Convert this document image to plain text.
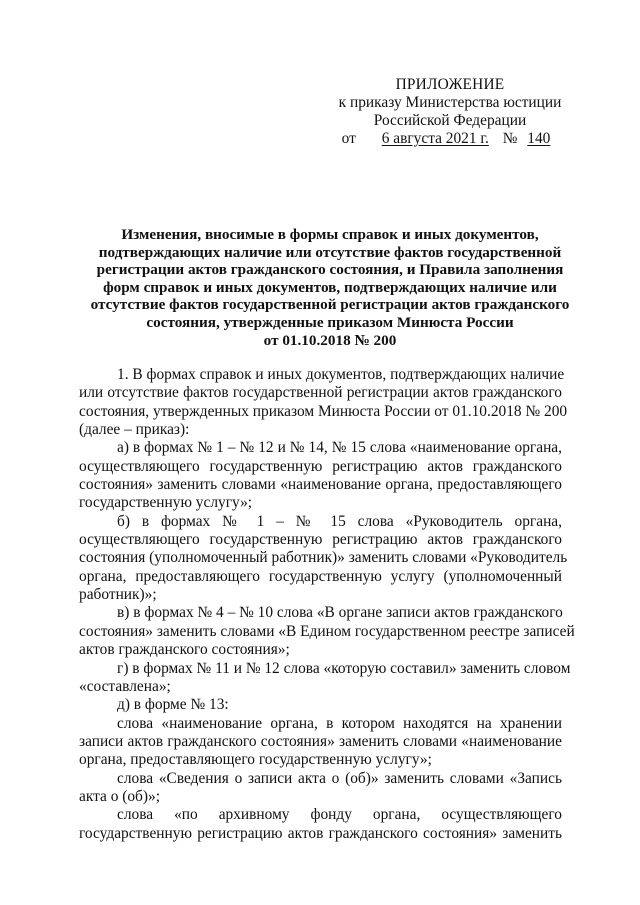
ПРИЛОЖЕНИЕ
к приказу Министерства юстиции
Российской Федерации
от 6 августа 2021 г. № 140
Изменения, вносимые в формы справок и иных документов,
подтверждающих наличие или отсутствие фактов государственной
регистрации актов гражданского состояния, и Правила заполнения
форм справок и иных документов, подтверждающих наличие или
отсутствие фактов государственной регистрации актов гражданского
состояния, утвержденные приказом Минюста России
от 01.10.2018 № 200
1. В формах справок и иных документов, подтверждающих наличие
или отсутствие фактов государственной регистрации актов гражданского
состояния, утвержденных приказом Минюста России от 01.10.2018 № 200
(далее – приказ):
а) в формах № 1 – № 12 и № 14, № 15 слова «наименование органа,
осуществляющего государственную регистрацию актов гражданского
состояния» заменить словами «наименование органа, предоставляющего
государственную услугу»;
б) в формах № 1 – № 15 слова «Руководитель органа,
осуществляющего государственную регистрацию актов гражданского
состояния (уполномоченный работник)» заменить словами «Руководитель
органа, предоставляющего государственную услугу (уполномоченный
работник)»;
в) в формах № 4 – № 10 слова «В органе записи актов гражданского
состояния» заменить словами «В Едином государственном реестре записей
актов гражданского состояния»;
г) в формах № 11 и № 12 слова «которую составил» заменить словом
«составлена»;
д) в форме № 13:
слова «наименование органа, в котором находятся на хранении
записи актов гражданского состояния» заменить словами «наименование
органа, предоставляющего государственную услугу»;
слова «Сведения о записи акта о (об)» заменить словами «Запись
акта о (об)»;
слова «по архивному фонду органа, осуществляющего
государственную регистрацию актов гражданского состояния» заменить
